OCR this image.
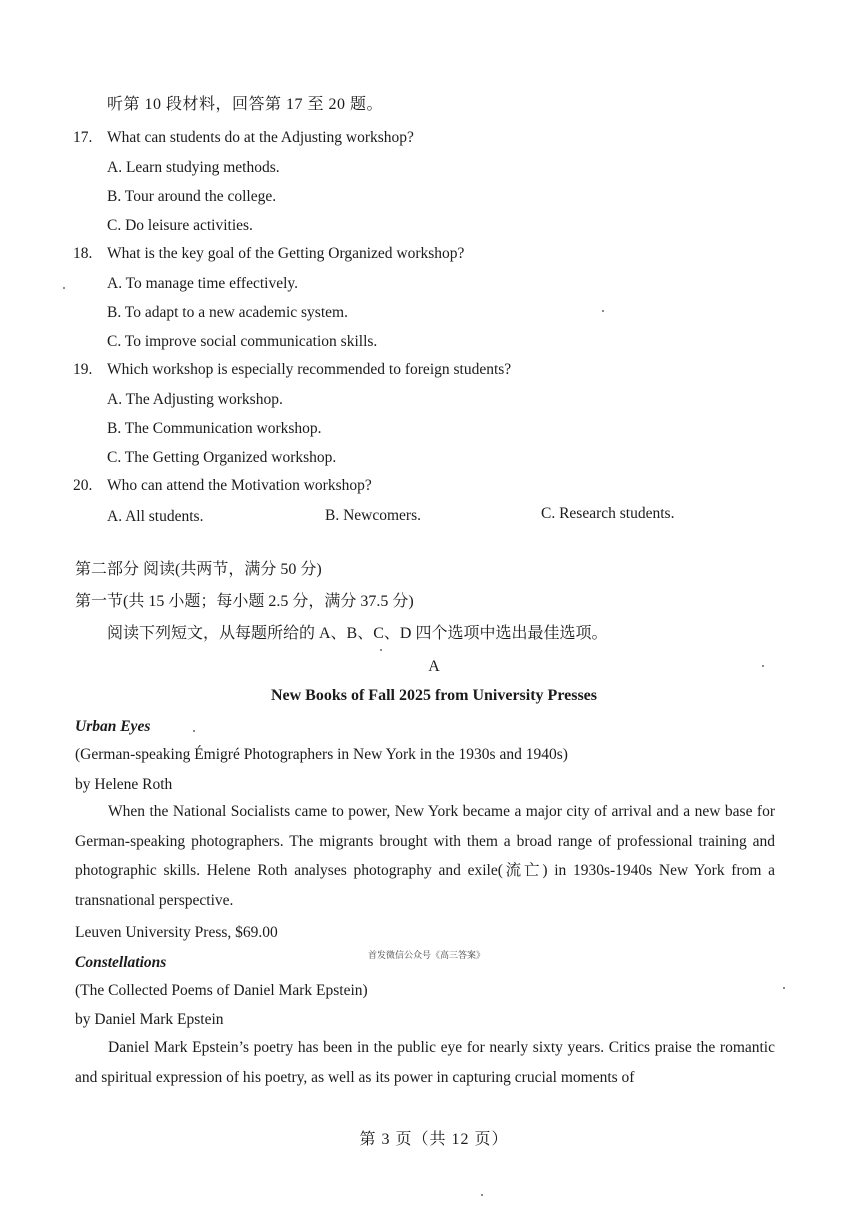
听第 10 段材料，回答第 17 至 20 题。
17. What can students do at the Adjusting workshop?
A. Learn studying methods.
B. Tour around the college.
C. Do leisure activities.
18. What is the key goal of the Getting Organized workshop?
A. To manage time effectively.
B. To adapt to a new academic system.
C. To improve social communication skills.
19. Which workshop is especially recommended to foreign students?
A. The Adjusting workshop.
B. The Communication workshop.
C. The Getting Organized workshop.
20. Who can attend the Motivation workshop?
A. All students.	B. Newcomers.	C. Research students.
第二部分 阅读(共两节，满分 50 分)
第一节(共 15 小题；每小题 2.5 分，满分 37.5 分)
阅读下列短文，从每题所给的 A、B、C、D 四个选项中选出最佳选项。
A
New Books of Fall 2025 from University Presses
Urban Eyes
(German-speaking Émigré Photographers in New York in the 1930s and 1940s)
by Helene Roth
When the National Socialists came to power, New York became a major city of arrival and a new base for German-speaking photographers. The migrants brought with them a broad range of professional training and photographic skills. Helene Roth analyses photography and exile(流亡) in 1930s-1940s New York from a transnational perspective.
Leuven University Press, $69.00
首发微信公众号《高三答案》
Constellations
(The Collected Poems of Daniel Mark Epstein)
by Daniel Mark Epstein
Daniel Mark Epstein’s poetry has been in the public eye for nearly sixty years. Critics praise the romantic and spiritual expression of his poetry, as well as its power in capturing crucial moments of
第 3 页（共 12 页）
